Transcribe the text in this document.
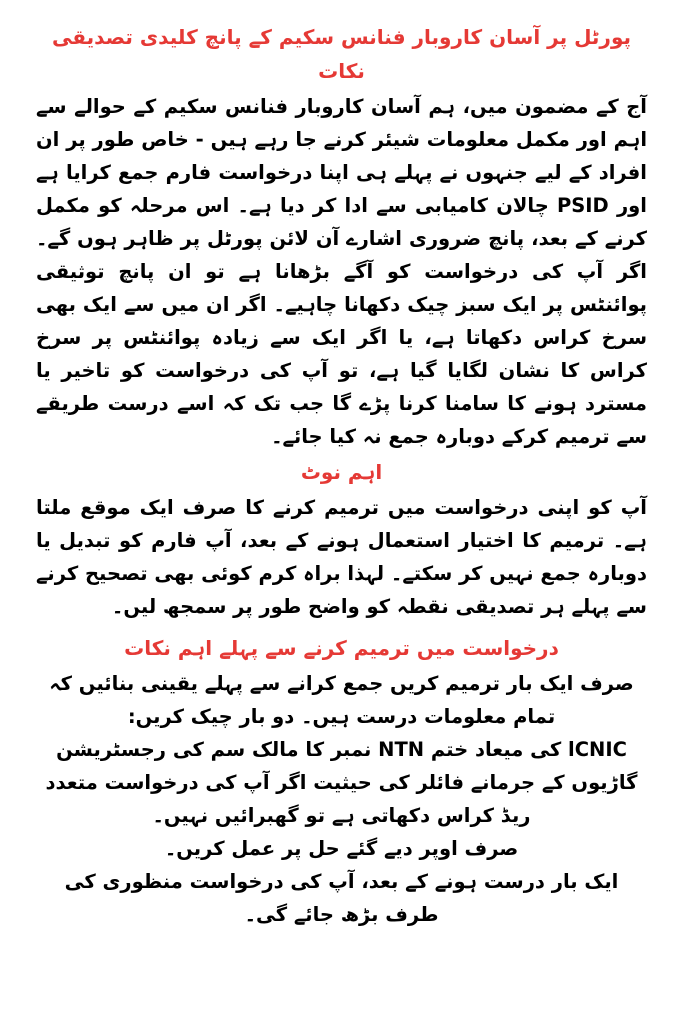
پورٹل پر آسان کاروبار فنانس سکیم کے پانچ کلیدی تصدیقی نکات

آج کے مضمون میں، ہم آسان کاروبار فنانس سکیم کے حوالے سے اہم اور مکمل معلومات شیئر کرنے جا رہے ہیں - خاص طور پر ان افراد کے لیے جنہوں نے پہلے ہی اپنا درخواست فارم جمع کرایا ہے اور PSID چالان کامیابی سے ادا کر دیا ہے۔ اس مرحلہ کو مکمل کرنے کے بعد، پانچ ضروری اشارے آن لائن پورٹل پر ظاہر ہوں گے۔ اگر آپ کی درخواست کو آگے بڑھانا ہے تو ان پانچ توثیقی پوائنٹس پر ایک سبز چیک دکھانا چاہیے۔ اگر ان میں سے ایک بھی سرخ کراس دکھاتا ہے، یا اگر ایک سے زیادہ پوائنٹس پر سرخ کراس کا نشان لگایا گیا ہے، تو آپ کی درخواست کو تاخیر یا مسترد ہونے کا سامنا کرنا پڑے گا جب تک کہ اسے درست طریقے سے ترمیم کرکے دوبارہ جمع نہ کیا جائے۔

اہم نوٹ

آپ کو اپنی درخواست میں ترمیم کرنے کا صرف ایک موقع ملتا ہے۔ ترمیم کا اختیار استعمال ہونے کے بعد، آپ فارم کو تبدیل یا دوبارہ جمع نہیں کر سکتے۔ لہذا براہ کرم کوئی بھی تصحیح کرنے سے پہلے ہر تصدیقی نقطہ کو واضح طور پر سمجھ لیں۔

درخواست میں ترمیم کرنے سے پہلے اہم نکات

صرف ایک بار ترمیم کریں جمع کرانے سے پہلے یقینی بنائیں کہ تمام معلومات درست ہیں۔ دو بار چیک کریں:

CNICا کی میعاد ختم NTN نمبر کا مالک سم کی رجسٹریشن گاڑیوں کے جرمانے فائلر کی حیثیت اگر آپ کی درخواست متعدد ریڈ کراس دکھاتی ہے تو گھبرائیں نہیں۔

صرف اوپر دیے گئے حل پر عمل کریں۔

ایک بار درست ہونے کے بعد، آپ کی درخواست منظوری کی طرف بڑھ جائے گی۔
